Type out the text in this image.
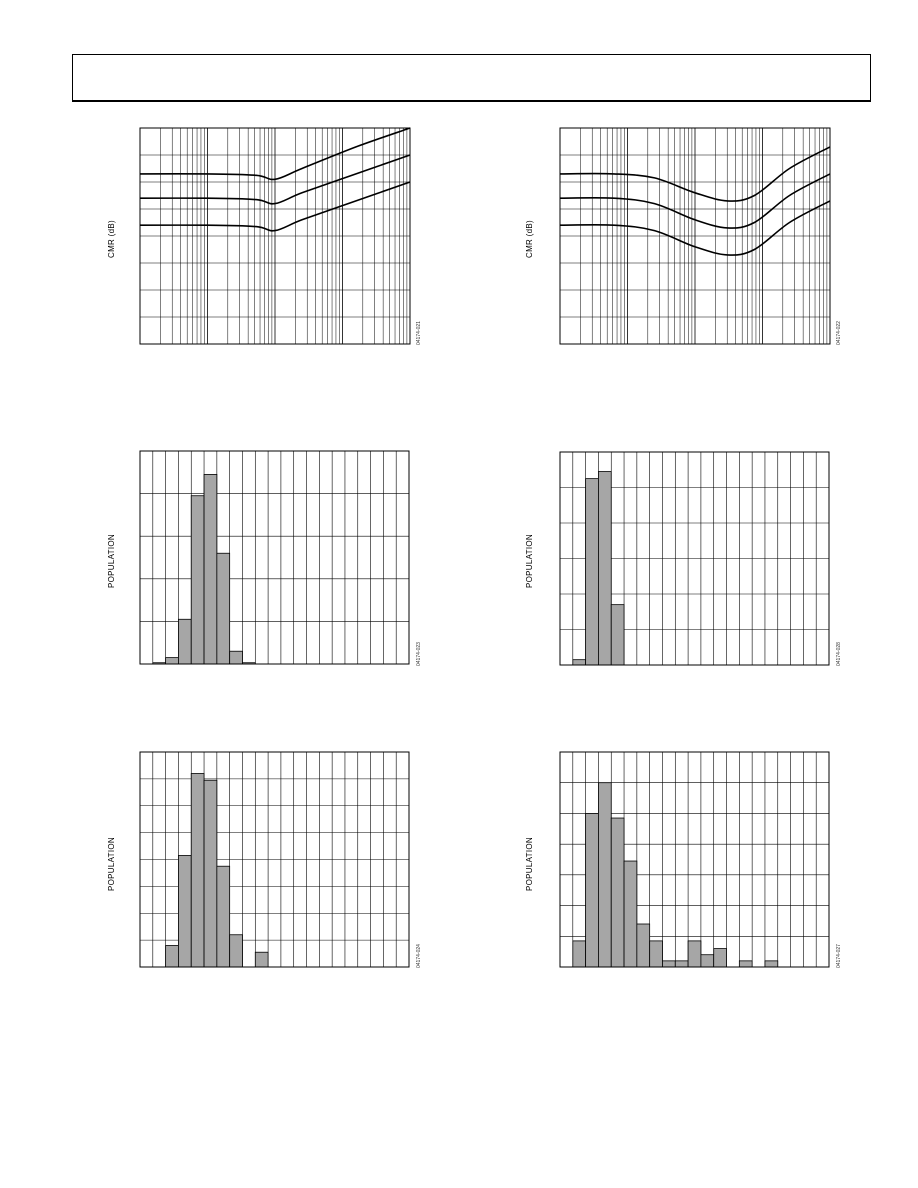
CMR (dB)
04174-021
CMR (dB)
04174-022
POPULATION
04174-023
POPULATION
04174-028
POPULATION
04174-024
POPULATION
04174-027
